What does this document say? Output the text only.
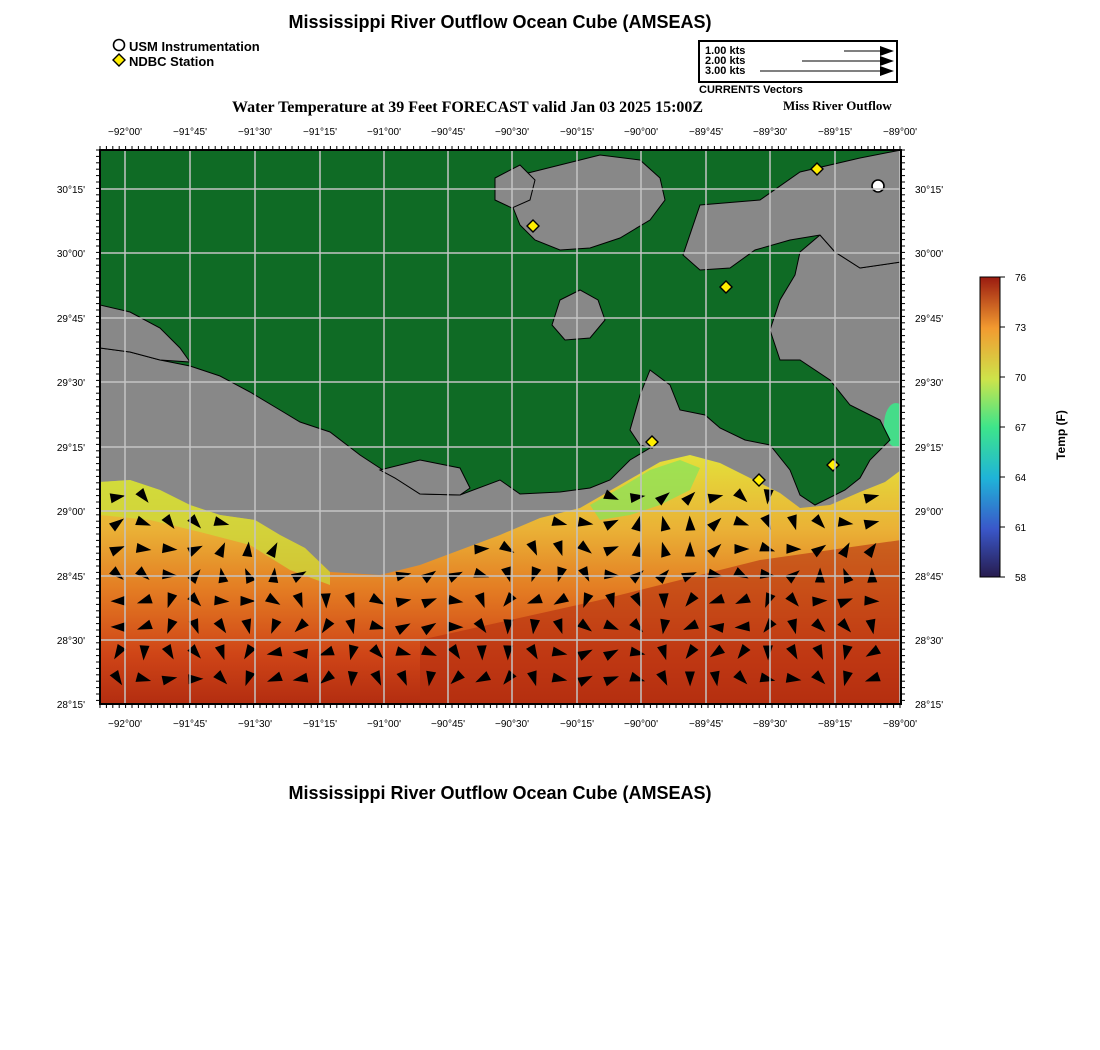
Mississippi River Outflow Ocean Cube (AMSEAS)
USM Instrumentation
NDBC Station
1.00 kts
2.00 kts
3.00 kts
CURRENTS Vectors
Water Temperature at 39 Feet FORECAST valid Jan 03 2025 15:00Z	Miss River Outflow
−92°00'	−91°45'	−91°30'	−91°15'	−91°00'	−90°45'	−90°30'	−90°15'	−90°00'	−89°45'	−89°30'	−89°15'	−89°00'
−92°00'	−91°45'	−91°30'	−91°15'	−91°00'	−90°45'	−90°30'	−90°15'	−90°00'	−89°45'	−89°30'	−89°15'	−89°00'
30°15'
30°00'
29°45'
29°30'
29°15'
29°00'
28°45'
28°30'
28°15'
30°15'
30°00'
29°45'
29°30'
29°15'
29°00'
28°45'
28°30'
28°15'
76
73
70
67
64
61
58
Temp (F)
Mississippi River Outflow Ocean Cube (AMSEAS)
